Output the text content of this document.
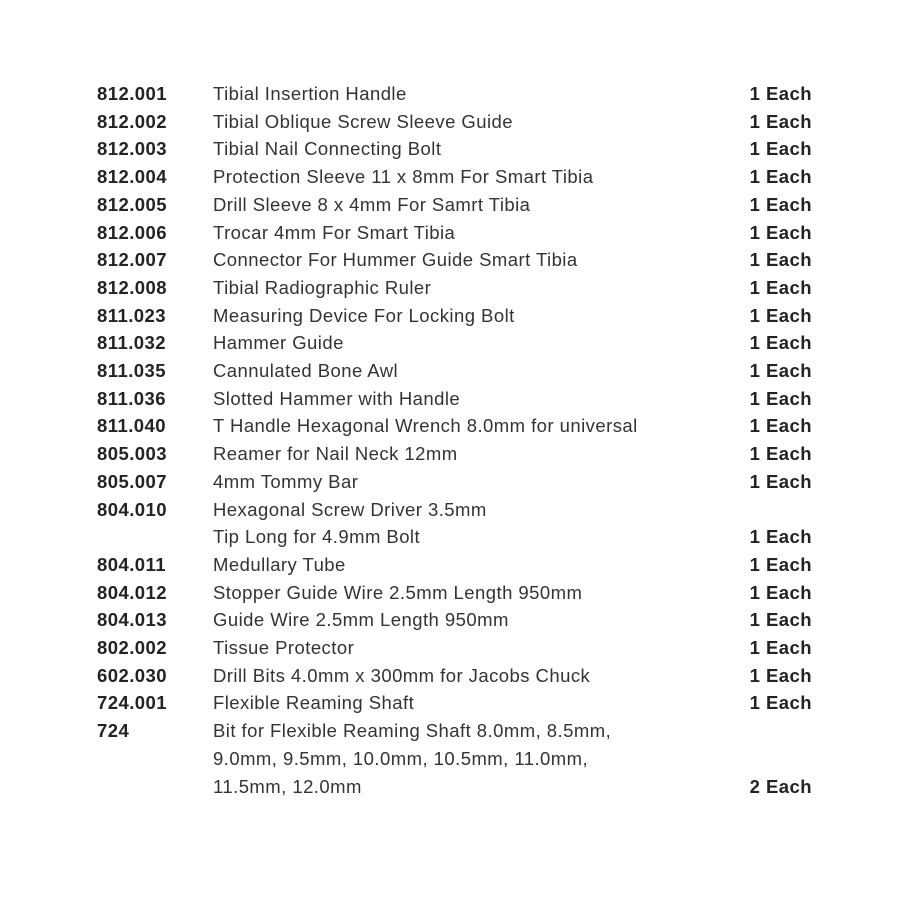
812.001	Tibial Insertion Handle	1 Each
812.002	Tibial Oblique Screw Sleeve Guide	1 Each
812.003	Tibial Nail Connecting Bolt	1 Each
812.004	Protection Sleeve 11 x 8mm For Smart Tibia	1 Each
812.005	Drill Sleeve 8 x 4mm For Samrt Tibia	1 Each
812.006	Trocar 4mm For Smart Tibia	1 Each
812.007	Connector For Hummer Guide Smart Tibia	1 Each
812.008	Tibial Radiographic Ruler	1 Each
811.023	Measuring Device For Locking Bolt	1 Each
811.032	Hammer Guide	1 Each
811.035	Cannulated Bone Awl	1 Each
811.036	Slotted Hammer with Handle	1 Each
811.040	T Handle Hexagonal Wrench 8.0mm for universal	1 Each
805.003	Reamer for Nail Neck 12mm	1 Each
805.007	4mm Tommy Bar	1 Each
804.010	Hexagonal Screw Driver 3.5mm
Tip Long for 4.9mm Bolt	1 Each
804.011	Medullary Tube	1 Each
804.012	Stopper Guide Wire 2.5mm Length 950mm	1 Each
804.013	Guide Wire 2.5mm Length 950mm	1 Each
802.002	Tissue Protector	1 Each
602.030	Drill Bits 4.0mm x 300mm for Jacobs Chuck	1 Each
724.001	Flexible Reaming Shaft	1 Each
724	Bit for Flexible Reaming Shaft 8.0mm, 8.5mm,
9.0mm, 9.5mm, 10.0mm, 10.5mm, 11.0mm,
11.5mm, 12.0mm	2 Each
